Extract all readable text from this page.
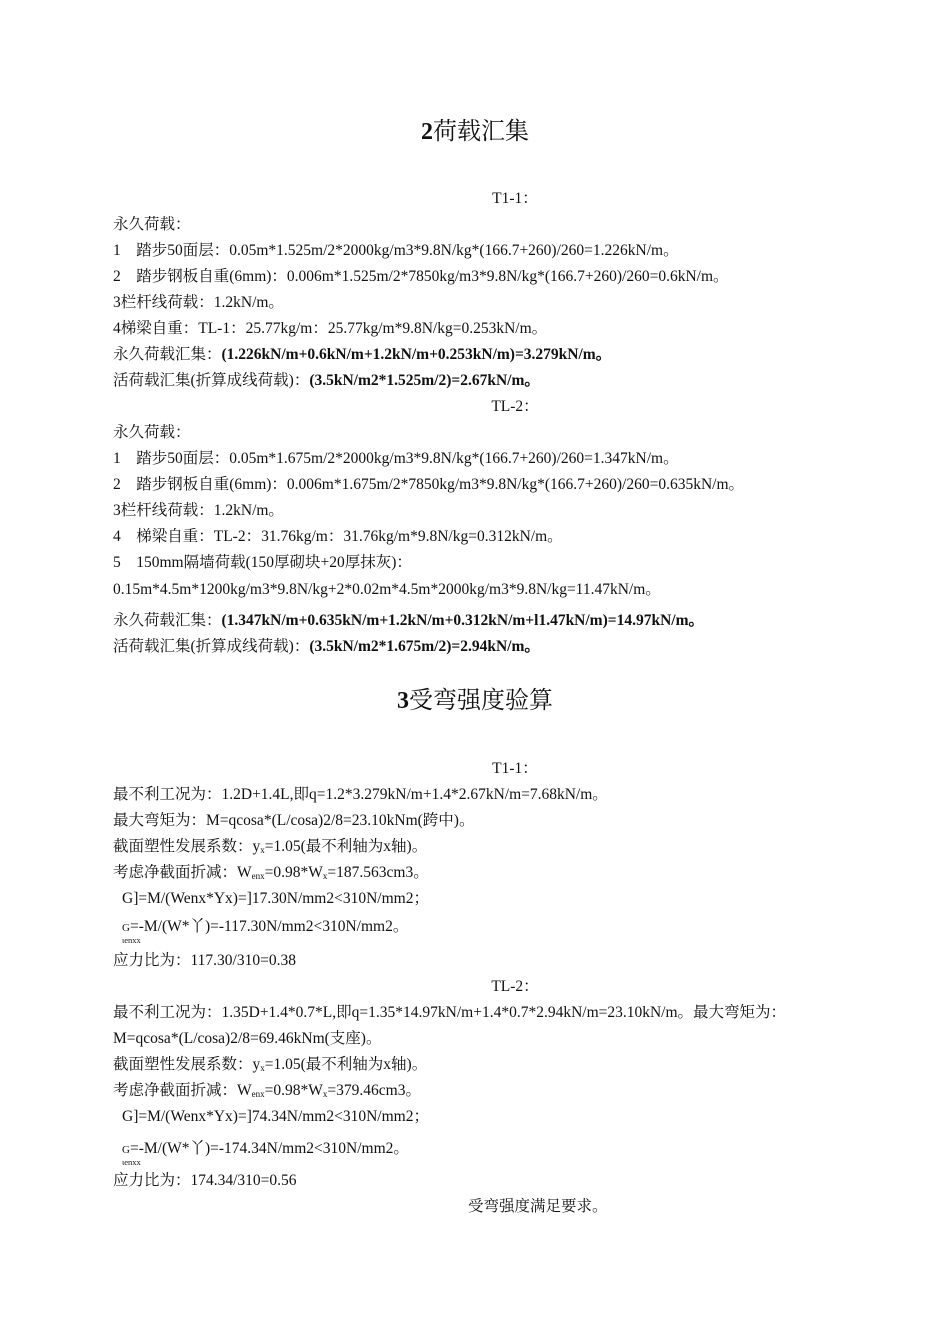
2荷载汇集
T1-1：
永久荷载：
1    踏步50面层：0.05m*1.525m/2*2000kg/m3*9.8N/kg*(166.7+260)/260=1.226kN/m。
2    踏步钢板自重(6mm)：0.006m*1.525m/2*7850kg/m3*9.8N/kg*(166.7+260)/260=0.6kN/m。
3栏杆线荷载：1.2kN/m。
4梯梁自重：TL-1：25.77kg/m：25.77kg/m*9.8N/kg=0.253kN/m。
永久荷载汇集：(1.226kN/m+0.6kN/m+1.2kN/m+0.253kN/m)=3.279kN/m。
活荷载汇集(折算成线荷载)：(3.5kN/m2*1.525m/2)=2.67kN/m。
TL-2：
永久荷载：
1    踏步50面层：0.05m*1.675m/2*2000kg/m3*9.8N/kg*(166.7+260)/260=1.347kN/m。
2    踏步钢板自重(6mm)：0.006m*1.675m/2*7850kg/m3*9.8N/kg*(166.7+260)/260=0.635kN/m。
3栏杆线荷载：1.2kN/m。
4    梯梁自重：TL-2：31.76kg/m：31.76kg/m*9.8N/kg=0.312kN/m。
5    150mm隔墙荷载(150厚砌块+20厚抹灰)：
0.15m*4.5m*1200kg/m3*9.8N/kg+2*0.02m*4.5m*2000kg/m3*9.8N/kg=11.47kN/m。
永久荷载汇集：(1.347kN/m+0.635kN/m+1.2kN/m+0.312kN/m+l1.47kN/m)=14.97kN/m。
活荷载汇集(折算成线荷载)：(3.5kN/m2*1.675m/2)=2.94kN/m。
3受弯强度验算
T1-1：
最不利工况为：1.2D+1.4L,即q=1.2*3.279kN/m+1.4*2.67kN/m=7.68kN/m。
最大弯矩为：M=qcosa*(L/cosa)2/8=23.10kNm(跨中)。
截面塑性发展系数：$y_x=1.05$(最不利轴为x轴)。
考虑净截面折减：$W_{enx}=0.98*W_x=187.563cm3$。
G]=M/(Wenx*Yx)=]17.30N/mm2<310N/mm2；
G=-M/(W*丫)=-117.30N/mm2<310N/mm2。
ιenxx
应力比为：117.30/310=0.38
TL-2：
最不利工况为：1.35D+1.4*0.7*L,即q=1.35*14.97kN/m+1.4*0.7*2.94kN/m=23.10kN/m。最大弯矩为：
M=qcosa*(L/cosa)2/8=69.46kNm(支座)。
截面塑性发展系数：$y_x=1.05$(最不利轴为x轴)。
考虑净截面折减：$W_{enx}=0.98*W_x=379.46cm3$。
G]=M/(Wenx*Yx)=]74.34N/mm2<310N/mm2；
G=-M/(W*丫)=-174.34N/mm2<310N/mm2。
ιenxx
应力比为：174.34/310=0.56
受弯强度满足要求。
